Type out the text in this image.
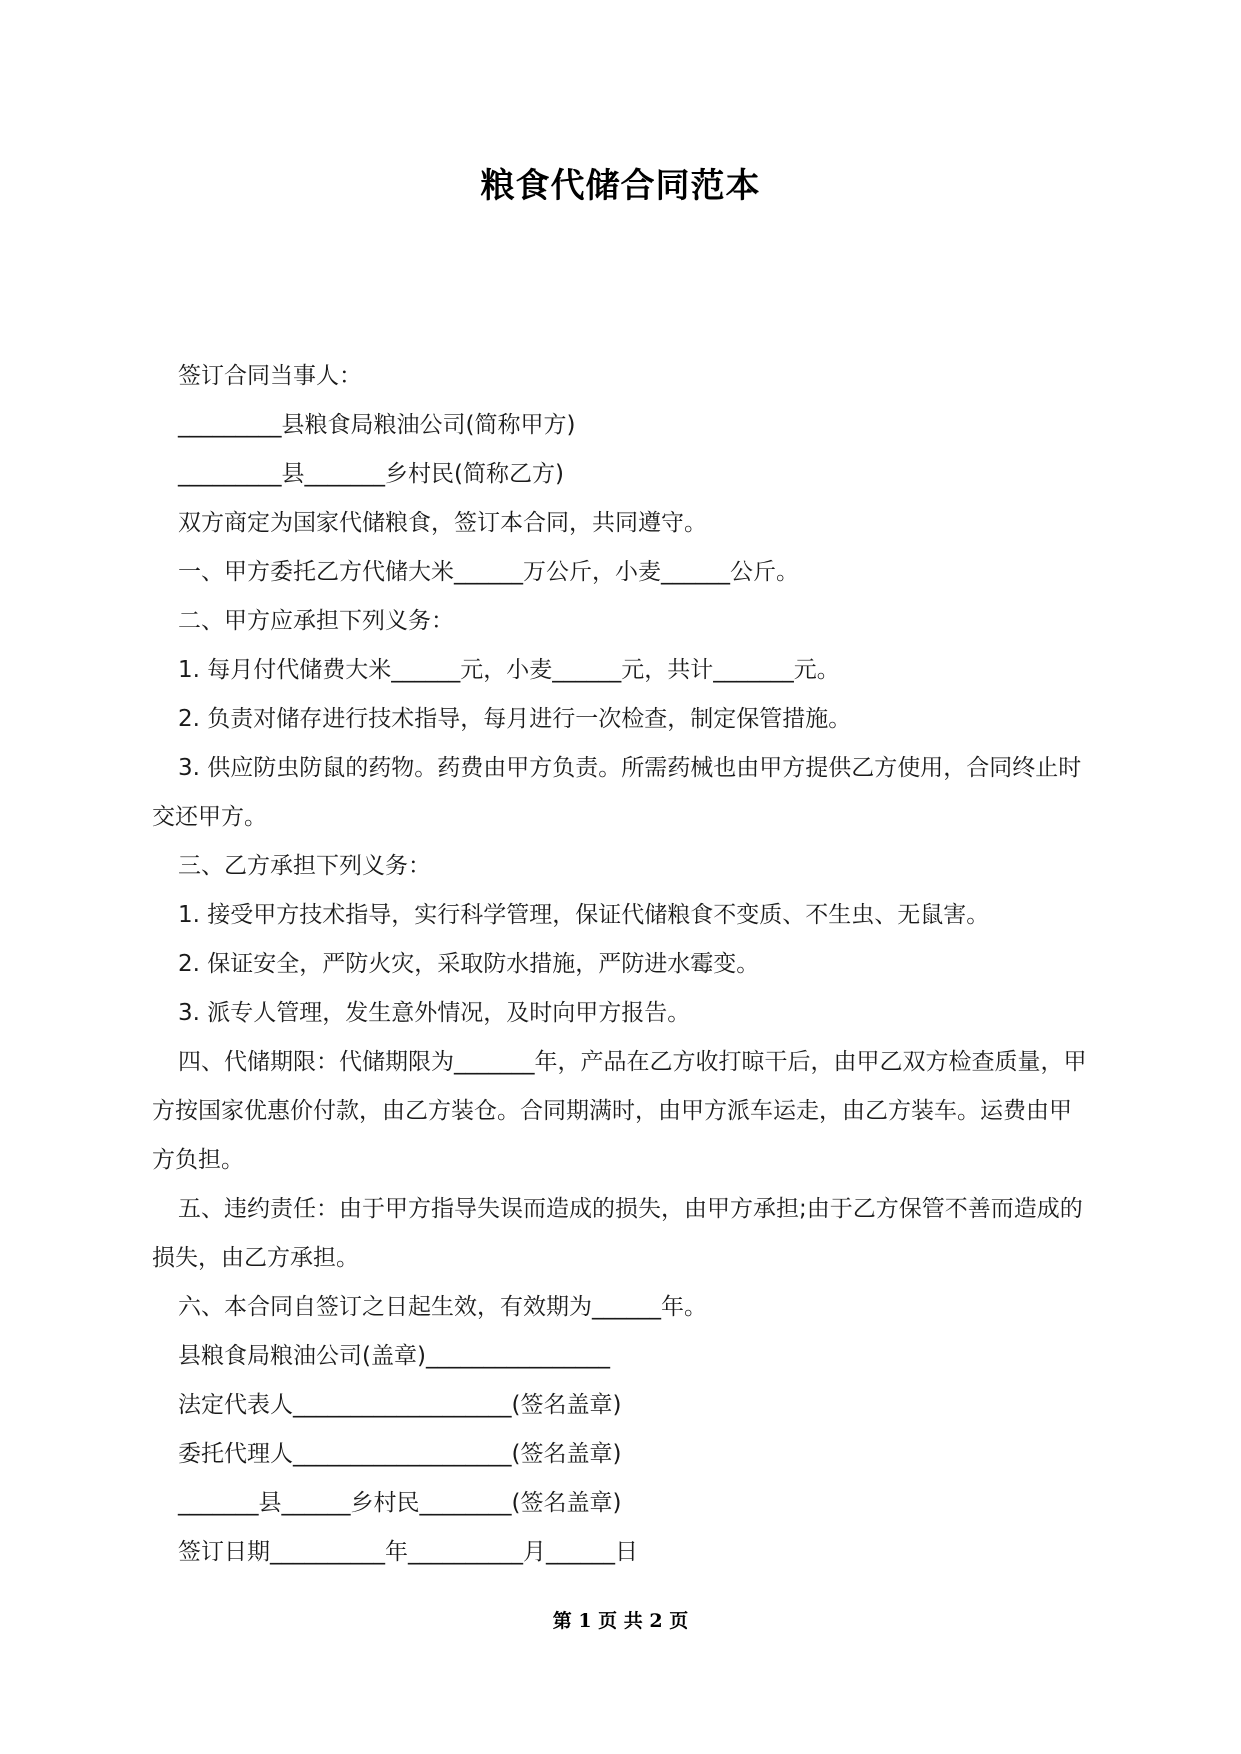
粮食代储合同范本

签订合同当事人：

_________县粮食局粮油公司(简称甲方)

_________县_______乡村民(简称乙方)

双方商定为国家代储粮食，签订本合同，共同遵守。

一、甲方委托乙方代储大米______万公斤，小麦______公斤。

二、甲方应承担下列义务：

1. 每月付代储费大米______元，小麦______元，共计_______元。

2. 负责对储存进行技术指导，每月进行一次检查，制定保管措施。

3. 供应防虫防鼠的药物。药费由甲方负责。所需药械也由甲方提供乙方使用，合同终止时交还甲方。

三、乙方承担下列义务：

1. 接受甲方技术指导，实行科学管理，保证代储粮食不变质、不生虫、无鼠害。

2. 保证安全，严防火灾，采取防水措施，严防进水霉变。

3. 派专人管理，发生意外情况，及时向甲方报告。

四、代储期限：代储期限为_______年，产品在乙方收打晾干后，由甲乙双方检查质量，甲方按国家优惠价付款，由乙方装仓。合同期满时，由甲方派车运走，由乙方装车。运费由甲方负担。

五、违约责任：由于甲方指导失误而造成的损失，由甲方承担;由于乙方保管不善而造成的损失，由乙方承担。

六、本合同自签订之日起生效，有效期为______年。

县粮食局粮油公司(盖章)________________

法定代表人___________________(签名盖章)

委托代理人___________________(签名盖章)

_______县______乡村民________(签名盖章)

签订日期__________年__________月______日

第 1 页 共 2 页
